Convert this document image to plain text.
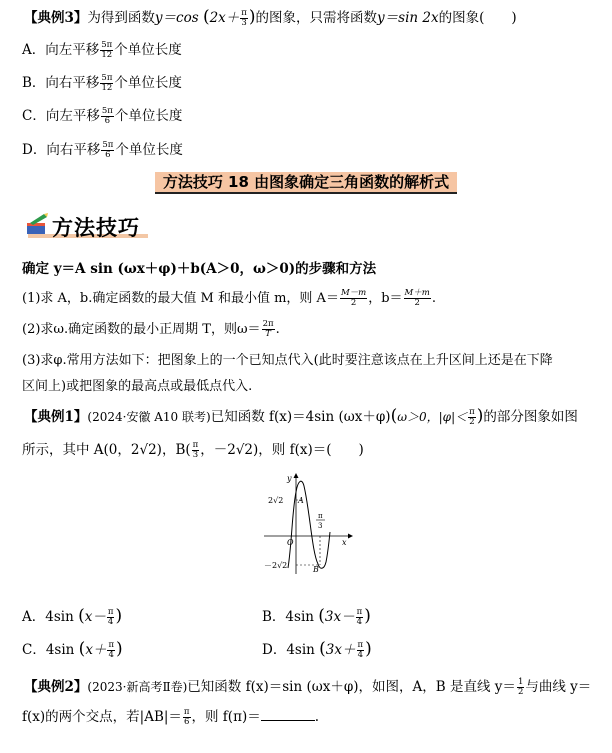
【典例3】为得到函数y＝cos ($2x+ \frac{\pi}{3}$ )的图象，只需将函数y＝sin 2x的图象(　　)
A．向左平移 $\frac{5\pi}{12}$ 个单位长度
B．向右平移 $\frac{5\pi}{12}$ 个单位长度
C．向左平移 $\frac{5\pi}{6}$ 个单位长度
D．向右平移 $\frac{5\pi}{6}$ 个单位长度
方法技巧 18 由图象确定三角函数的解析式
方法技巧
确定 y＝A sin (ωx＋φ)＋b(A＞0，ω＞0)的步骤和方法
(1)求 A，b.确定函数的最大值 M 和最小值 m，则 $A= \frac{M-m}{2}$ ，$b= \frac{M+m}{2}$ .
(2)求ω.确定函数的最小正周期 T，则$\omega= \frac{2\pi}{T}$ .
(3)求φ.常用方法如下：把图象上的一个已知点代入(此时要注意该点在上升区间上还是在下降
区间上)或把图象的最高点或最低点代入.
【典例1】(2024·安徽 A10 联考)已知函数 f(x)＝4sin (ωx＋φ)(ω＞0，$|\varphi|< \frac{\pi}{2}$ )的部分图象如图
所示，其中 A(0，2√2)，$B( \frac{\pi}{3}$ ，－2√2)，则 f(x)＝(　　)
y
x
O
A
B
2√2
－2√2
π
3
A．4sin ($x- \frac{\pi}{4}$ )	B．4sin ($3x- \frac{\pi}{4}$ )
C．4sin ($x+ \frac{\pi}{4}$ )	D．4sin ($3x+ \frac{\pi}{4}$ )
【典例2】(2023·新高考Ⅱ卷)已知函数 f(x)＝sin (ωx＋φ)，如图，A，B 是直线 $y= \frac{1}{2}$ 与曲线 y＝
f(x)的两个交点，若$|AB|= \frac{\pi}{6}$ ，则 f(π)＝	.
